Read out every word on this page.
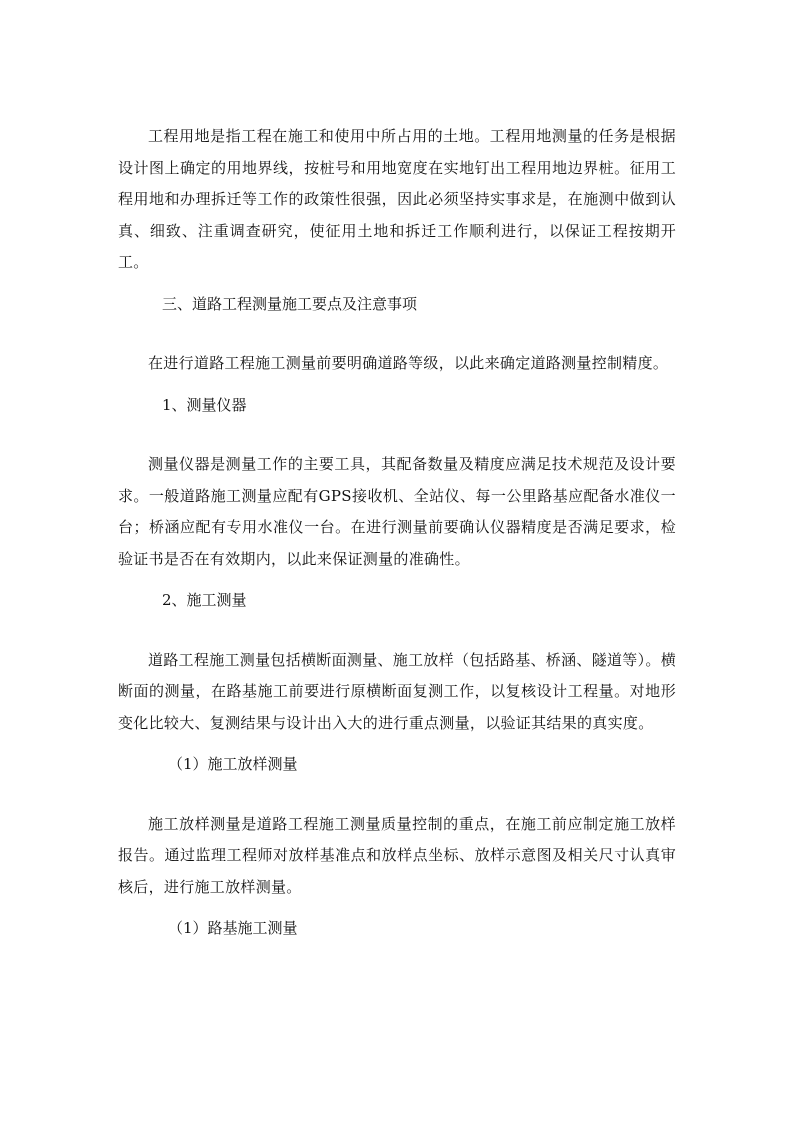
工程用地是指工程在施工和使用中所占用的土地。工程用地测量的任务是根据设计图上确定的用地界线，按桩号和用地宽度在实地钉出工程用地边界桩。征用工程用地和办理拆迁等工作的政策性很强，因此必须坚持实事求是，在施测中做到认真、细致、注重调查研究，使征用土地和拆迁工作顺利进行，以保证工程按期开工。

三、道路工程测量施工要点及注意事项

在进行道路工程施工测量前要明确道路等级，以此来确定道路测量控制精度。

1、测量仪器

测量仪器是测量工作的主要工具，其配备数量及精度应满足技术规范及设计要求。一般道路施工测量应配有GPS接收机、全站仪、每一公里路基应配备水准仪一台；桥涵应配有专用水准仪一台。在进行测量前要确认仪器精度是否满足要求，检验证书是否在有效期内，以此来保证测量的准确性。

2、施工测量

道路工程施工测量包括横断面测量、施工放样（包括路基、桥涵、隧道等）。横断面的测量，在路基施工前要进行原横断面复测工作，以复核设计工程量。对地形变化比较大、复测结果与设计出入大的进行重点测量，以验证其结果的真实度。

（1）施工放样测量

施工放样测量是道路工程施工测量质量控制的重点，在施工前应制定施工放样报告。通过监理工程师对放样基准点和放样点坐标、放样示意图及相关尺寸认真审核后，进行施工放样测量。

（1）路基施工测量
